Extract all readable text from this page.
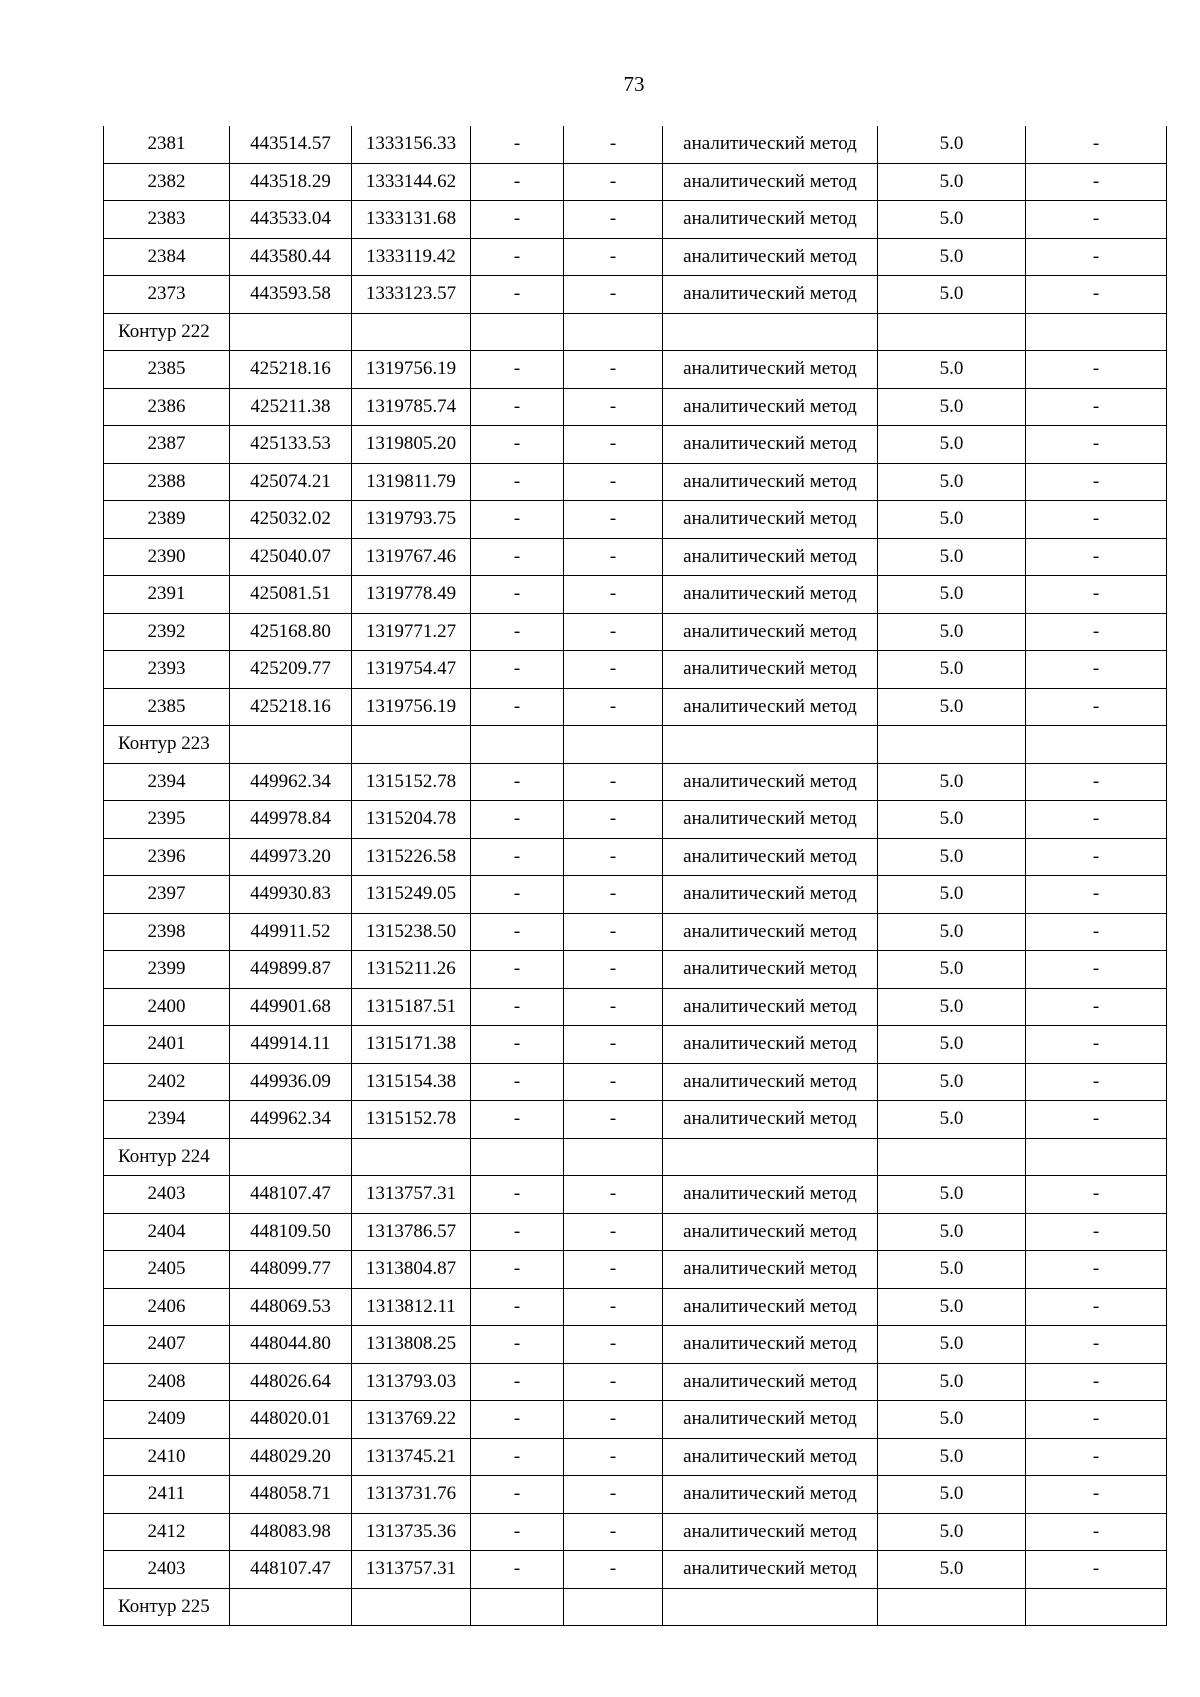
73
2381	443514.57	1333156.33	-	-	аналитический метод	5.0	-
2382	443518.29	1333144.62	-	-	аналитический метод	5.0	-
2383	443533.04	1333131.68	-	-	аналитический метод	5.0	-
2384	443580.44	1333119.42	-	-	аналитический метод	5.0	-
2373	443593.58	1333123.57	-	-	аналитический метод	5.0	-
Контур 222							
2385	425218.16	1319756.19	-	-	аналитический метод	5.0	-
2386	425211.38	1319785.74	-	-	аналитический метод	5.0	-
2387	425133.53	1319805.20	-	-	аналитический метод	5.0	-
2388	425074.21	1319811.79	-	-	аналитический метод	5.0	-
2389	425032.02	1319793.75	-	-	аналитический метод	5.0	-
2390	425040.07	1319767.46	-	-	аналитический метод	5.0	-
2391	425081.51	1319778.49	-	-	аналитический метод	5.0	-
2392	425168.80	1319771.27	-	-	аналитический метод	5.0	-
2393	425209.77	1319754.47	-	-	аналитический метод	5.0	-
2385	425218.16	1319756.19	-	-	аналитический метод	5.0	-
Контур 223							
2394	449962.34	1315152.78	-	-	аналитический метод	5.0	-
2395	449978.84	1315204.78	-	-	аналитический метод	5.0	-
2396	449973.20	1315226.58	-	-	аналитический метод	5.0	-
2397	449930.83	1315249.05	-	-	аналитический метод	5.0	-
2398	449911.52	1315238.50	-	-	аналитический метод	5.0	-
2399	449899.87	1315211.26	-	-	аналитический метод	5.0	-
2400	449901.68	1315187.51	-	-	аналитический метод	5.0	-
2401	449914.11	1315171.38	-	-	аналитический метод	5.0	-
2402	449936.09	1315154.38	-	-	аналитический метод	5.0	-
2394	449962.34	1315152.78	-	-	аналитический метод	5.0	-
Контур 224							
2403	448107.47	1313757.31	-	-	аналитический метод	5.0	-
2404	448109.50	1313786.57	-	-	аналитический метод	5.0	-
2405	448099.77	1313804.87	-	-	аналитический метод	5.0	-
2406	448069.53	1313812.11	-	-	аналитический метод	5.0	-
2407	448044.80	1313808.25	-	-	аналитический метод	5.0	-
2408	448026.64	1313793.03	-	-	аналитический метод	5.0	-
2409	448020.01	1313769.22	-	-	аналитический метод	5.0	-
2410	448029.20	1313745.21	-	-	аналитический метод	5.0	-
2411	448058.71	1313731.76	-	-	аналитический метод	5.0	-
2412	448083.98	1313735.36	-	-	аналитический метод	5.0	-
2403	448107.47	1313757.31	-	-	аналитический метод	5.0	-
Контур 225							
